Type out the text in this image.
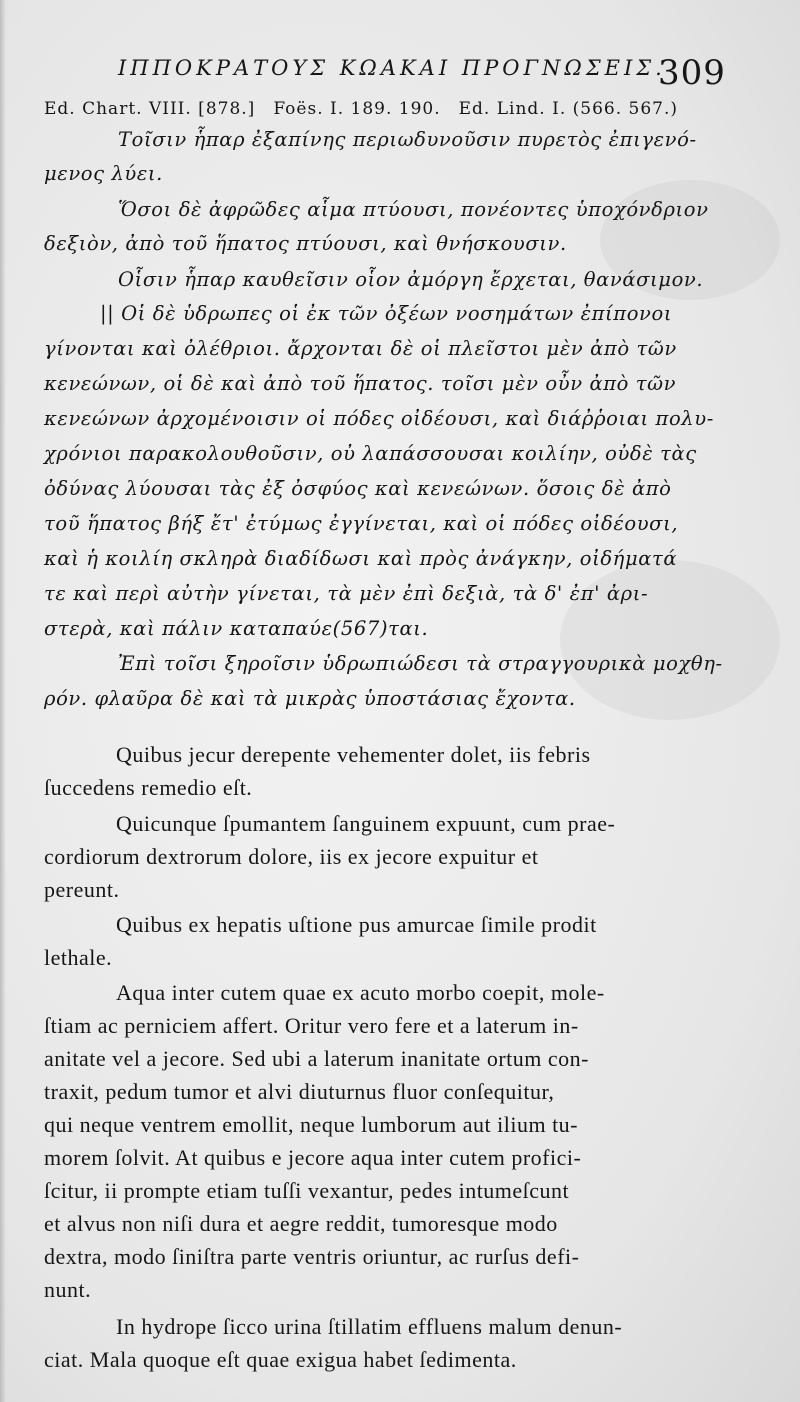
ΙΠΠΟΚΡΑΤΟΥΣ ΚΩΑΚΑΙ ΠΡΟΓΝΩΣΕΙΣ.
309
Ed. Chart. VIII. [878.] Foës. I. 189. 190. Ed. Lind. I. (566. 567.)
Τοῖσιν ἧπαρ ἐξαπίνης περιωδυνοῦσιν πυρετὸς ἐπιγενό-
μενος λύει.
Ὅσοι δὲ ἀφρῶδες αἷμα πτύουσι, πονέοντες ὑποχόνδριον
δεξιὸν, ἀπὸ τοῦ ἥπατος πτύουσι, καὶ θνήσκουσιν.
Οἷσιν ἧπαρ καυθεῖσιν οἷον ἀμόργη ἔρχεται, θανάσιμον.
|| Οἱ δὲ ὑδρωπες οἱ ἐκ τῶν ὀξέων νοσημάτων ἐπίπονοι
γίνονται καὶ ὀλέθριοι. ἄρχονται δὲ οἱ πλεῖστοι μὲν ἀπὸ τῶν
κενεώνων, οἱ δὲ καὶ ἀπὸ τοῦ ἥπατος. τοῖσι μὲν οὖν ἀπὸ τῶν
κενεώνων ἀρχομένοισιν οἱ πόδες οἰδέουσι, καὶ διάῤῥοιαι πολυ-
χρόνιοι παρακολουθοῦσιν, οὐ λαπάσσουσαι κοιλίην, οὐδὲ τὰς
ὀδύνας λύουσαι τὰς ἐξ ὀσφύος καὶ κενεώνων. ὅσοις δὲ ἀπὸ
τοῦ ἥπατος βήξ ἔτ' ἐτύμως ἐγγίνεται, καὶ οἱ πόδες οἰδέουσι,
καὶ ἡ κοιλίη σκληρὰ διαδίδωσι καὶ πρὸς ἀνάγκην, οἰδήματά
τε καὶ περὶ αὐτὴν γίνεται, τὰ μὲν ἐπὶ δεξιὰ, τὰ δ' ἐπ' ἀρι-
στερὰ, καὶ πάλιν καταπαύε(567)ται.
Ἐπὶ τοῖσι ξηροῖσιν ὑδρωπιώδεσι τὰ στραγγουρικὰ μοχθη-
ρόν. φλαῦρα δὲ καὶ τὰ μικρὰς ὑποστάσιας ἔχοντα.
Quibus jecur derepente vehementer dolet, iis febris
ſuccedens remedio eſt.
Quicunque ſpumantem ſanguinem expuunt, cum prae-
cordiorum dextrorum dolore, iis ex jecore expuitur et
pereunt.
Quibus ex hepatis uſtione pus amurcae ſimile prodit
lethale.
Aqua inter cutem quae ex acuto morbo coepit, mole-
ſtiam ac perniciem affert. Oritur vero fere et a laterum in-
anitate vel a jecore. Sed ubi a laterum inanitate ortum con-
traxit, pedum tumor et alvi diuturnus fluor conſequitur,
qui neque ventrem emollit, neque lumborum aut ilium tu-
morem ſolvit. At quibus e jecore aqua inter cutem profici-
ſcitur, ii prompte etiam tuſſi vexantur, pedes intumeſcunt
et alvus non niſi dura et aegre reddit, tumoresque modo
dextra, modo ſiniſtra parte ventris oriuntur, ac rurſus defi-
nunt.
In hydrope ſicco urina ſtillatim effluens malum denun-
ciat. Mala quoque eſt quae exigua habet ſedimenta.
